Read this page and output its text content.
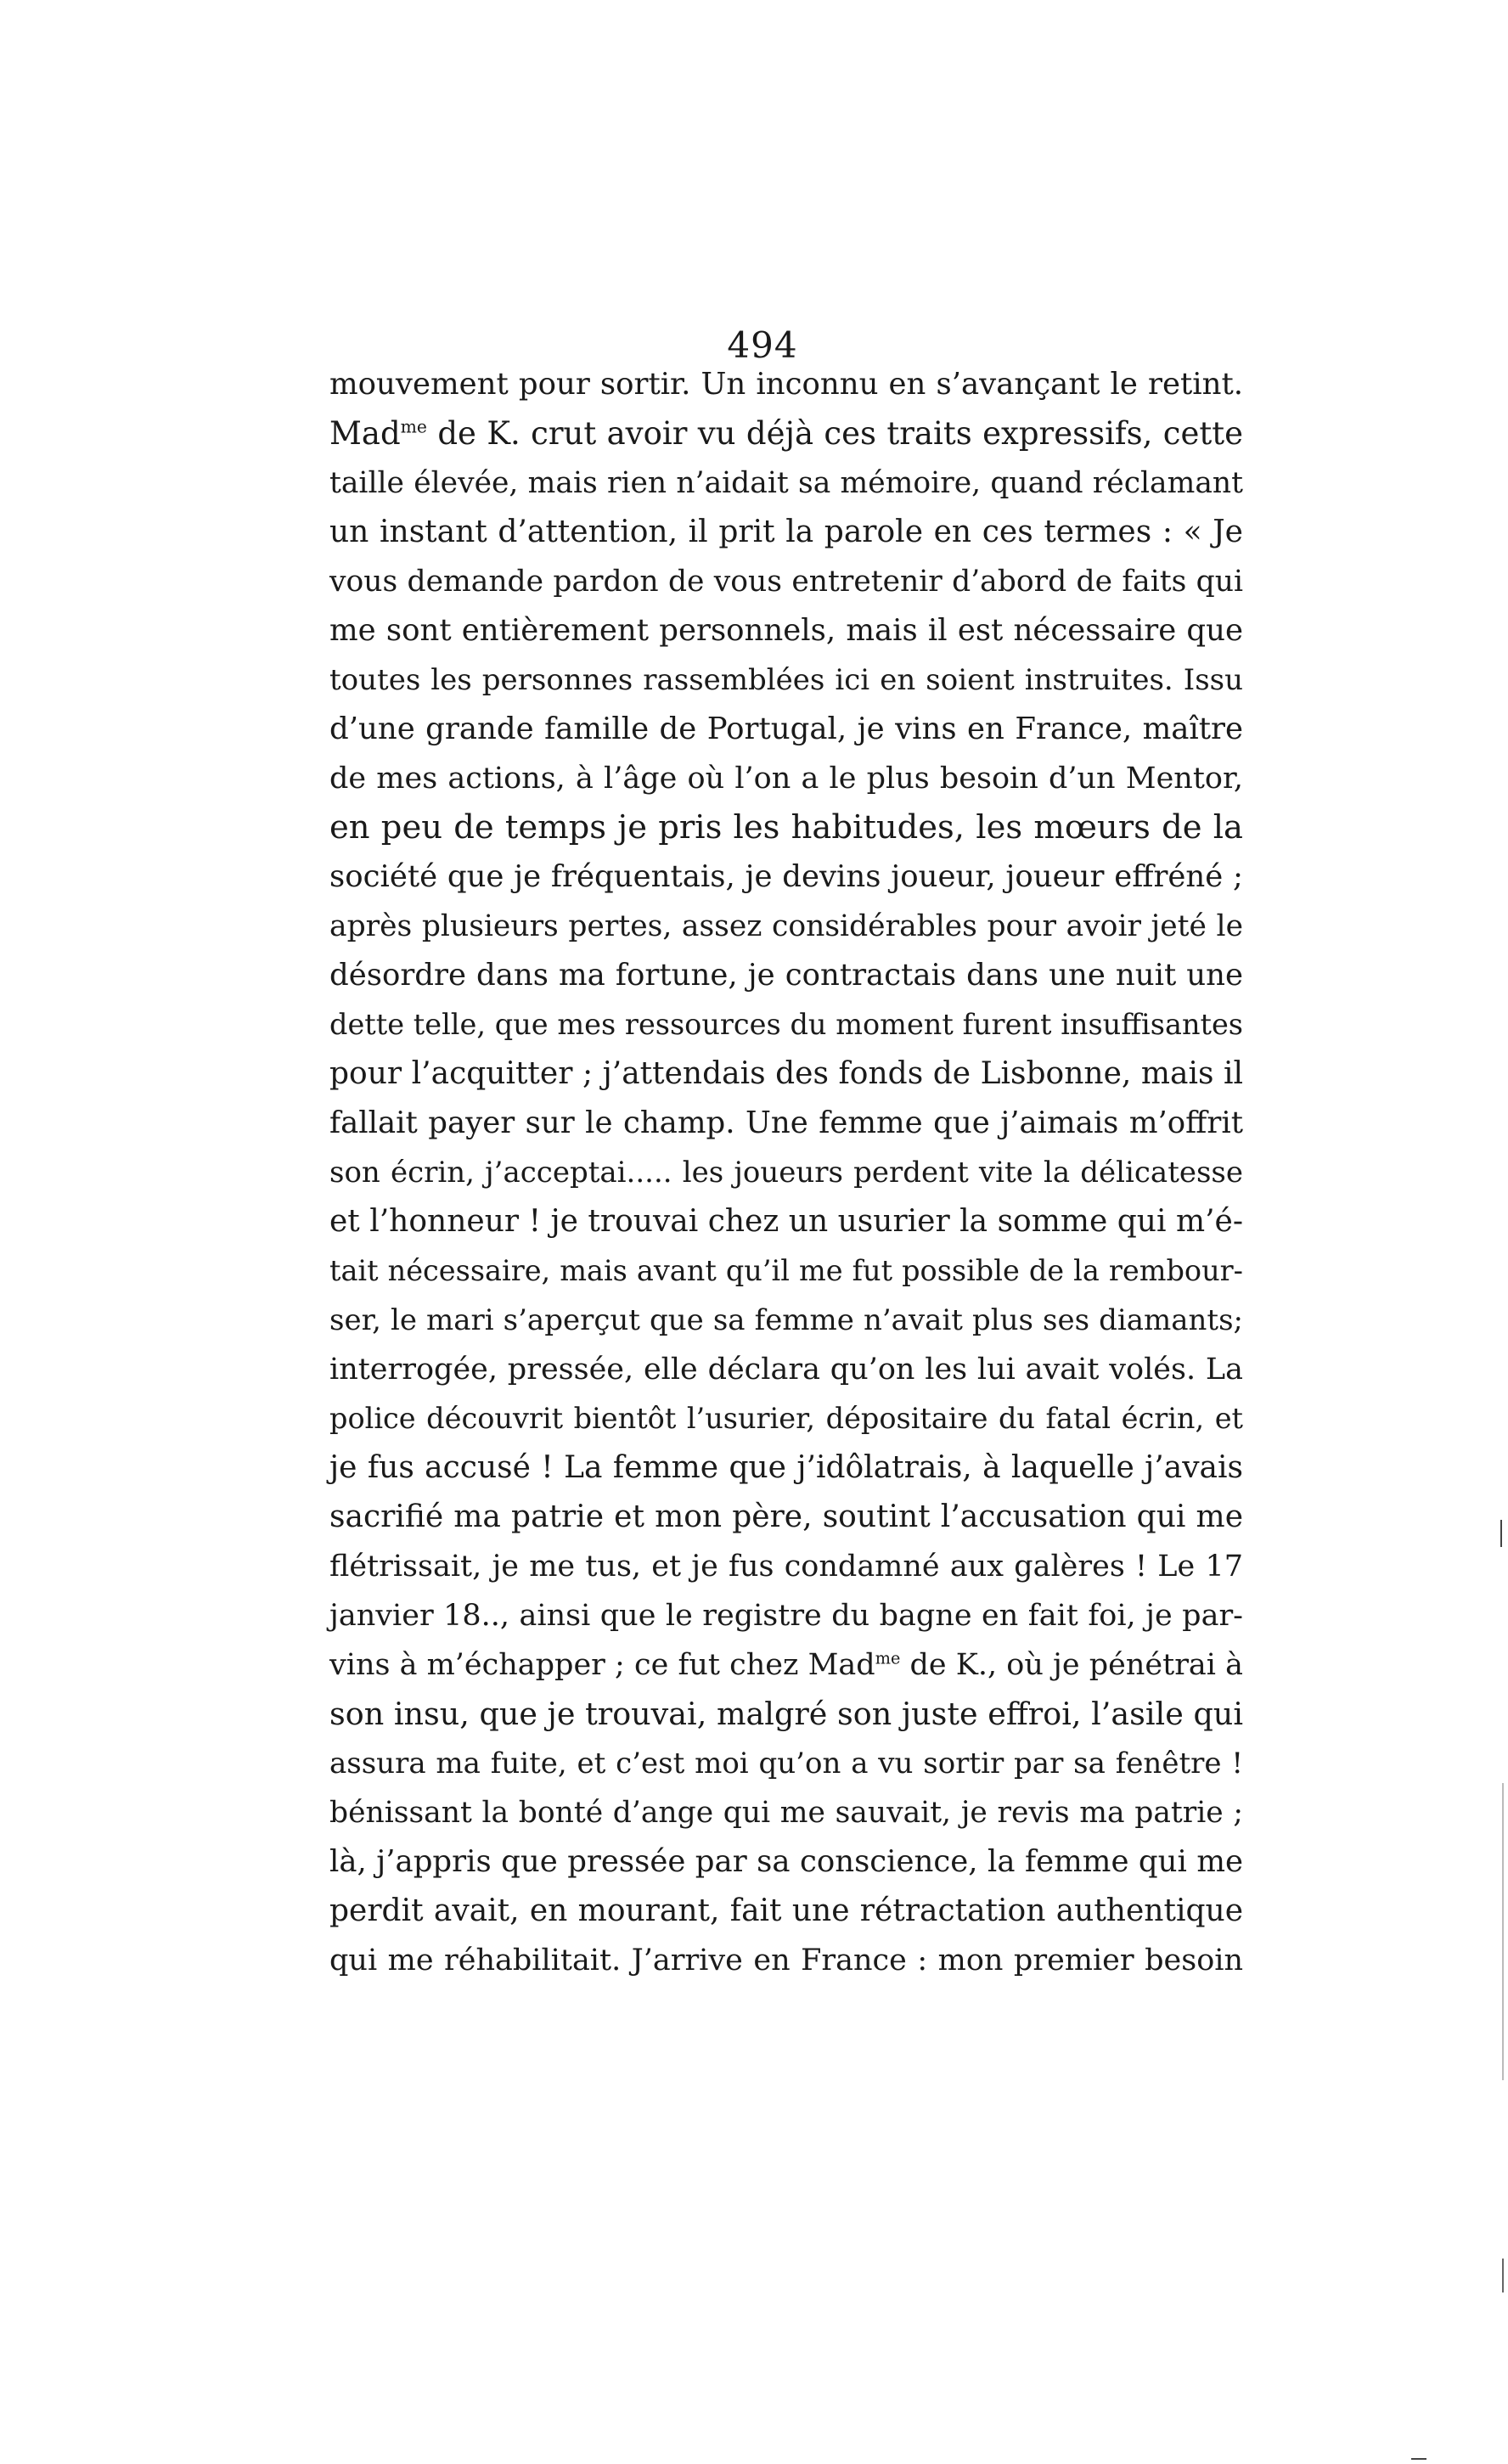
494

mouvement pour sortir. Un inconnu en s’avançant le retint.
Mad$^{me}$ de K. crut avoir vu déjà ces traits expressifs, cette
taille élevée, mais rien n’aidait sa mémoire, quand réclamant
un instant d’attention, il prit la parole en ces termes : « Je
vous demande pardon de vous entretenir d’abord de faits qui
me sont entièrement personnels, mais il est nécessaire que
toutes les personnes rassemblées ici en soient instruites. Issu
d’une grande famille de Portugal, je vins en France, maître
de mes actions, à l’âge où l’on a le plus besoin d’un Mentor,
en peu de temps je pris les habitudes, les mœurs de la
société que je fréquentais, je devins joueur, joueur effréné ;
après plusieurs pertes, assez considérables pour avoir jeté le
désordre dans ma fortune, je contractais dans une nuit une
dette telle, que mes ressources du moment furent insuffisantes
pour l’acquitter ; j’attendais des fonds de Lisbonne, mais il
fallait payer sur le champ. Une femme que j’aimais m’offrit
son écrin, j’acceptai..... les joueurs perdent vite la délicatesse
et l’honneur ! je trouvai chez un usurier la somme qui m’é-
tait nécessaire, mais avant qu’il me fut possible de la rembour-
ser, le mari s’aperçut que sa femme n’avait plus ses diamants;
interrogée, pressée, elle déclara qu’on les lui avait volés. La
police découvrit bientôt l’usurier, dépositaire du fatal écrin, et
je fus accusé ! La femme que j’idôlatrais, à laquelle j’avais
sacrifié ma patrie et mon père, soutint l’accusation qui me
flétrissait, je me tus, et je fus condamné aux galères ! Le 17
janvier 18.., ainsi que le registre du bagne en fait foi, je par-
vins à m’échapper ; ce fut chez Mad$^{me}$ de K., où je pénétrai à
son insu, que je trouvai, malgré son juste effroi, l’asile qui
assura ma fuite, et c’est moi qu’on a vu sortir par sa fenêtre !
bénissant la bonté d’ange qui me sauvait, je revis ma patrie ;
là, j’appris que pressée par sa conscience, la femme qui me
perdit avait, en mourant, fait une rétractation authentique
qui me réhabilitait. J’arrive en France : mon premier besoin
